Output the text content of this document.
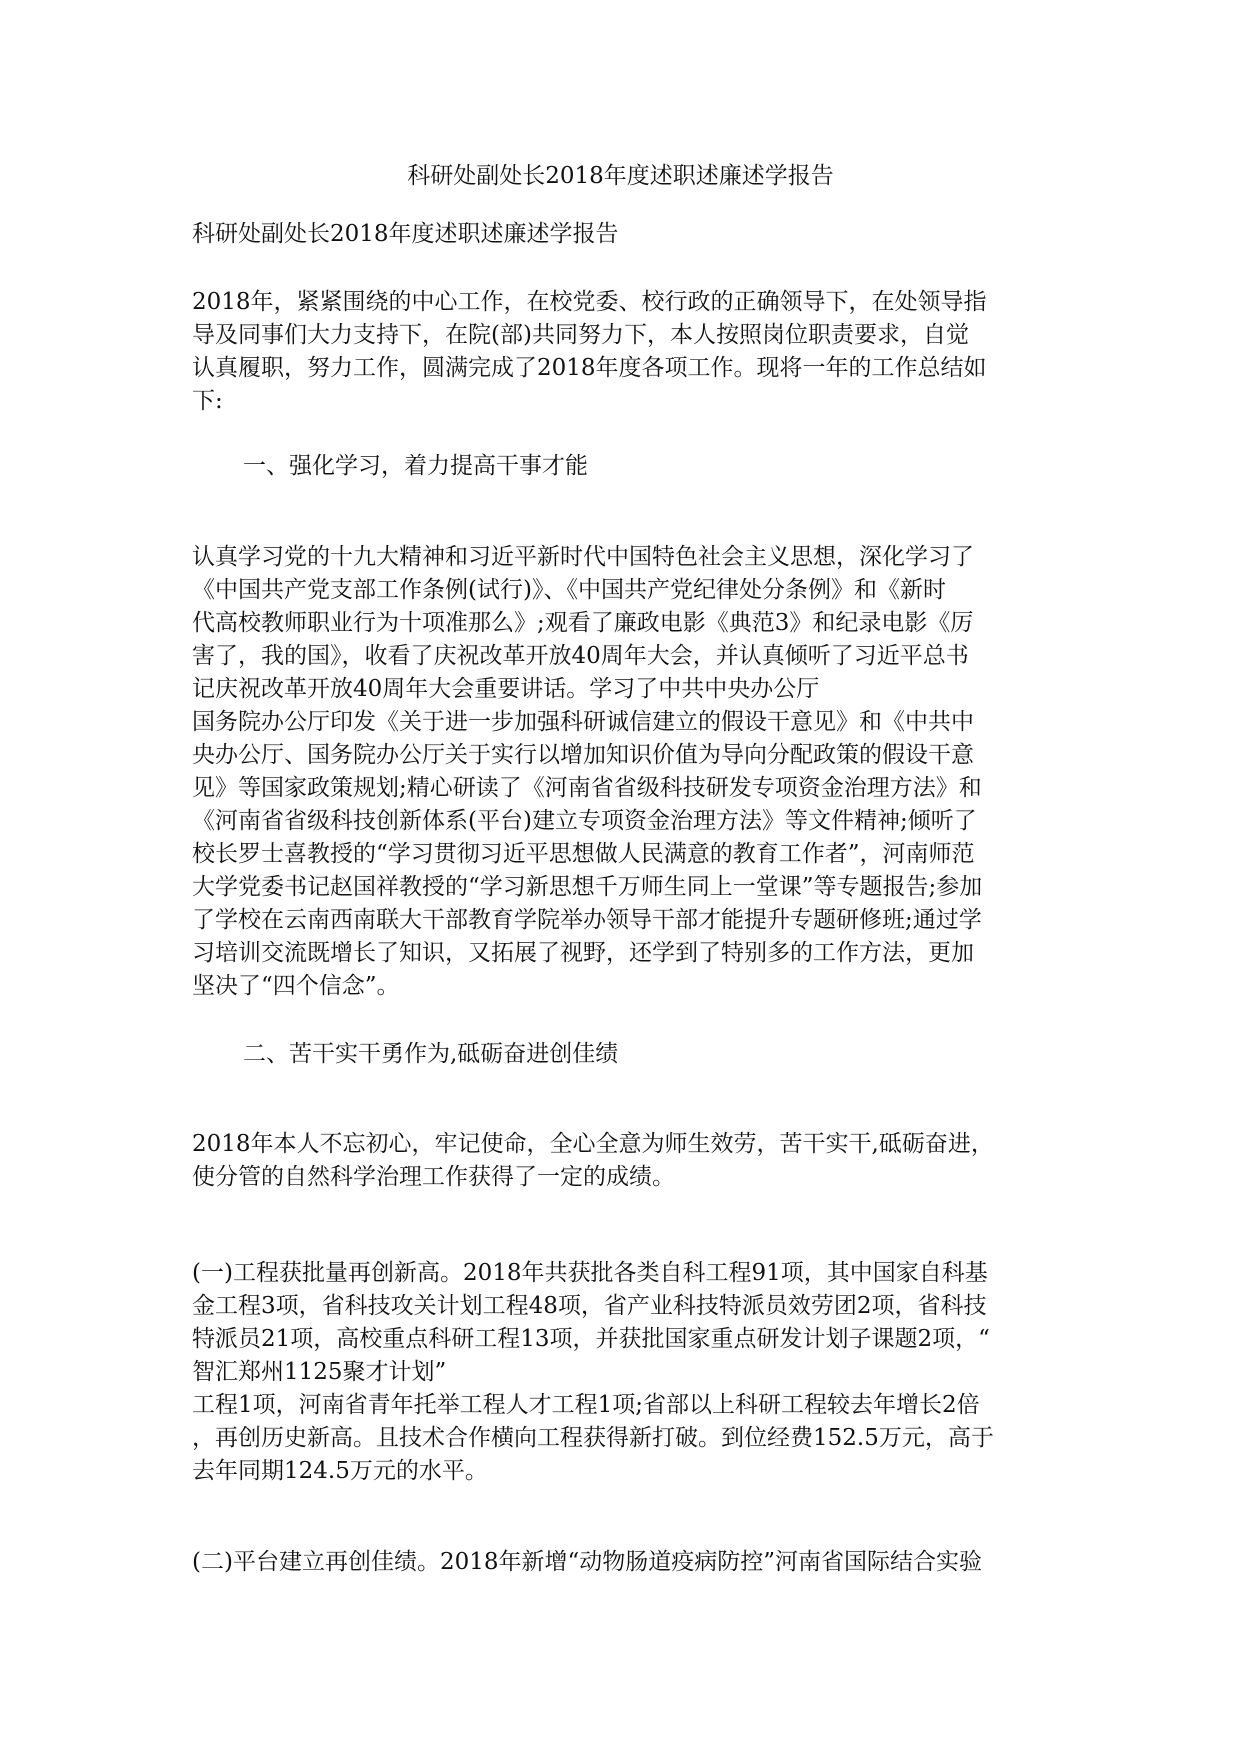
科研处副处长2018年度述职述廉述学报告
科研处副处长2018年度述职述廉述学报告
2018年，紧紧围绕的中心工作，在校党委、校行政的正确领导下，在处领导指
导及同事们大力支持下，在院(部)共同努力下，本人按照岗位职责要求，自觉
认真履职，努力工作，圆满完成了2018年度各项工作。现将一年的工作总结如
下:
一、强化学习，着力提高干事才能
认真学习党的十九大精神和习近平新时代中国特色社会主义思想，深化学习了
《中国共产党支部工作条例(试行)》、《中国共产党纪律处分条例》和《新时
代高校教师职业行为十项准那么》;观看了廉政电影《典范3》和纪录电影《厉
害了，我的国》，收看了庆祝改革开放40周年大会，并认真倾听了习近平总书
记庆祝改革开放40周年大会重要讲话。学习了中共中央办公厅
国务院办公厅印发《关于进一步加强科研诚信建立的假设干意见》和《中共中
央办公厅、国务院办公厅关于实行以增加知识价值为导向分配政策的假设干意
见》等国家政策规划;精心研读了《河南省省级科技研发专项资金治理方法》和
《河南省省级科技创新体系(平台)建立专项资金治理方法》等文件精神;倾听了
校长罗士喜教授的“学习贯彻习近平思想做人民满意的教育工作者”，河南师范
大学党委书记赵国祥教授的“学习新思想千万师生同上一堂课”等专题报告;参加
了学校在云南西南联大干部教育学院举办领导干部才能提升专题研修班;通过学
习培训交流既增长了知识，又拓展了视野，还学到了特别多的工作方法，更加
坚决了“四个信念”。
二、苦干实干勇作为,砥砺奋进创佳绩
2018年本人不忘初心，牢记使命，全心全意为师生效劳，苦干实干,砥砺奋进，
使分管的自然科学治理工作获得了一定的成绩。
(一)工程获批量再创新高。2018年共获批各类自科工程91项，其中国家自科基
金工程3项，省科技攻关计划工程48项，省产业科技特派员效劳团2项，省科技
特派员21项，高校重点科研工程13项，并获批国家重点研发计划子课题2项，“
智汇郑州1125聚才计划”
工程1项，河南省青年托举工程人才工程1项;省部以上科研工程较去年增长2倍
，再创历史新高。且技术合作横向工程获得新打破。到位经费152.5万元，高于
去年同期124.5万元的水平。
(二)平台建立再创佳绩。2018年新增“动物肠道疫病防控”河南省国际结合实验
